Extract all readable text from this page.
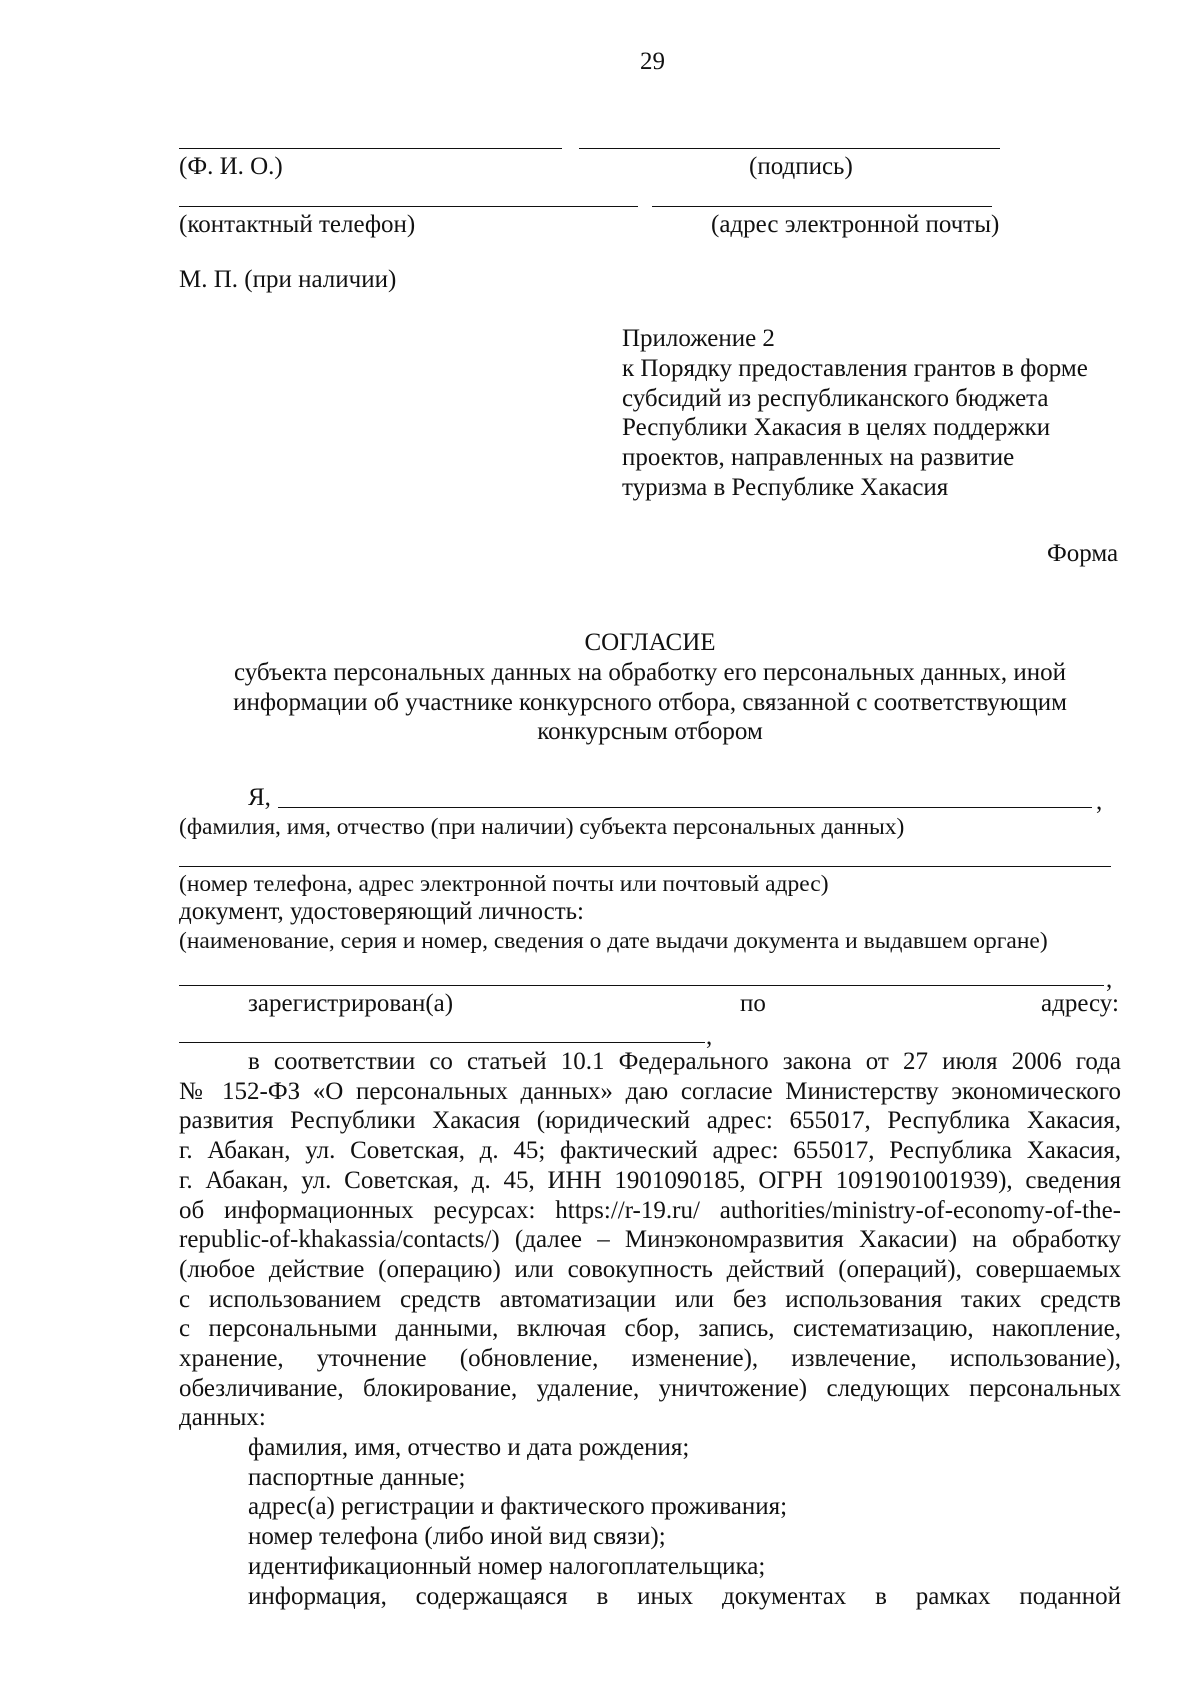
29
(Ф. И. О.)	(подпись)
(контактный телефон)	(адрес электронной почты)
М. П. (при наличии)
Приложение 2
к Порядку предоставления грантов в форме
субсидий из республиканского бюджета
Республики Хакасия в целях поддержки
проектов, направленных на развитие
туризма в Республике Хакасия
Форма
СОГЛАСИЕ
субъекта персональных данных на обработку его персональных данных, иной
информации об участнике конкурсного отбора, связанной с соответствующим
конкурсным отбором
Я,	,
(фамилия, имя, отчество (при наличии) субъекта персональных данных)
(номер телефона, адрес электронной почты или почтовый адрес)
документ, удостоверяющий личность:
(наименование, серия и номер, сведения о дате выдачи документа и выдавшем органе)
,
зарегистрирован(а)	по	адресу:
,
в соответствии со статьей 10.1 Федерального закона от 27 июля 2006 года
№ 152-ФЗ «О персональных данных» даю согласие Министерству экономического
развития Республики Хакасия (юридический адрес: 655017, Республика Хакасия,
г. Абакан, ул. Советская, д. 45; фактический адрес: 655017, Республика Хакасия,
г. Абакан, ул. Советская, д. 45, ИНН 1901090185, ОГРН 1091901001939), сведения
об информационных ресурсах: https://r-19.ru/ authorities/ministry-of-economy-of-the-
republic-of-khakassia/contacts/) (далее – Минэкономразвития Хакасии) на обработку
(любое действие (операцию) или совокупность действий (операций), совершаемых
с использованием средств автоматизации или без использования таких средств
с персональными данными, включая сбор, запись, систематизацию, накопление,
хранение, уточнение (обновление, изменение), извлечение, использование),
обезличивание, блокирование, удаление, уничтожение) следующих персональных
данных:
фамилия, имя, отчество и дата рождения;
паспортные данные;
адрес(а) регистрации и фактического проживания;
номер телефона (либо иной вид связи);
идентификационный номер налогоплательщика;
информация, содержащаяся в иных документах в рамках поданной
